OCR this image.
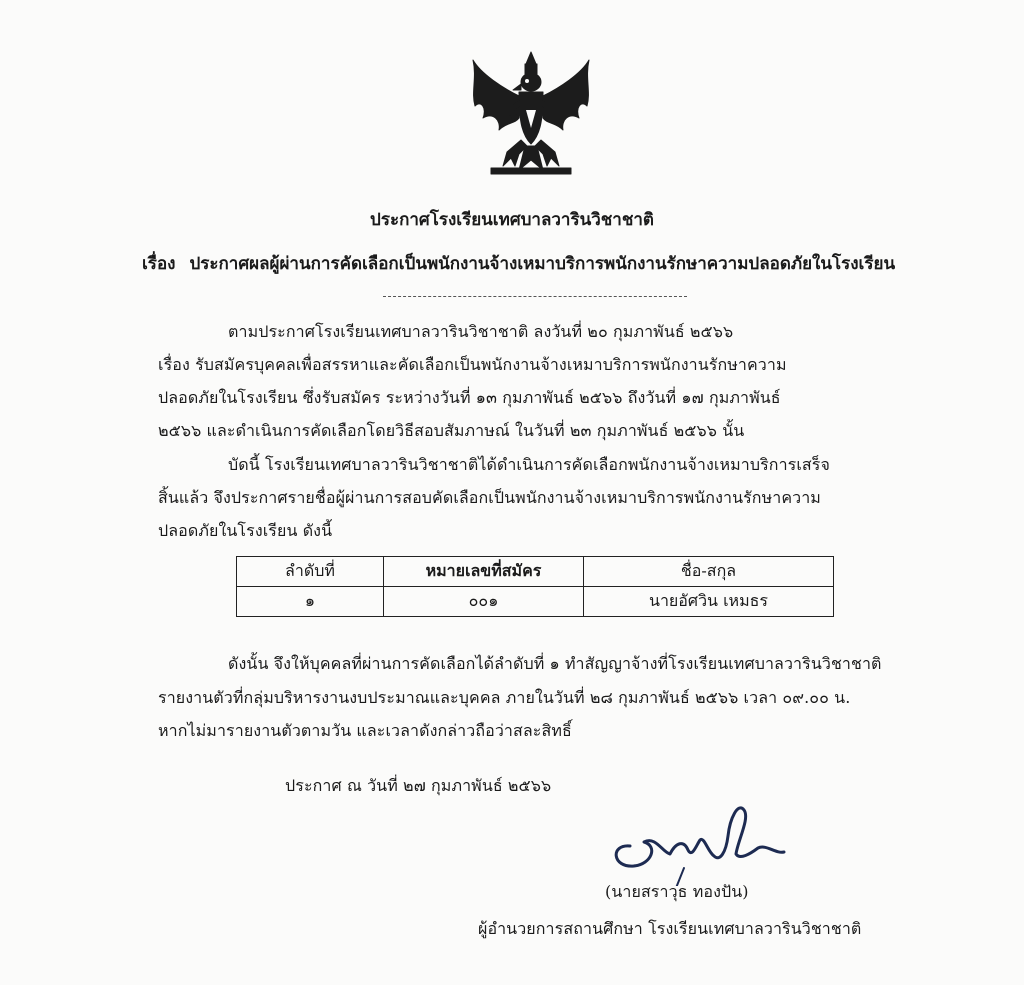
ประกาศโรงเรียนเทศบาลวารินวิชาชาติ
เรื่อง ประกาศผลผู้ผ่านการคัดเลือกเป็นพนักงานจ้างเหมาบริการพนักงานรักษาความปลอดภัยในโรงเรียน
ตามประกาศโรงเรียนเทศบาลวารินวิชาชาติ ลงวันที่ ๒๐ กุมภาพันธ์ ๒๕๖๖
เรื่อง รับสมัครบุคคลเพื่อสรรหาและคัดเลือกเป็นพนักงานจ้างเหมาบริการพนักงานรักษาความ
ปลอดภัยในโรงเรียน ซึ่งรับสมัคร ระหว่างวันที่ ๑๓ กุมภาพันธ์ ๒๕๖๖ ถึงวันที่ ๑๗ กุมภาพันธ์
๒๕๖๖ และดำเนินการคัดเลือกโดยวิธีสอบสัมภาษณ์ ในวันที่ ๒๓ กุมภาพันธ์ ๒๕๖๖ นั้น
บัดนี้ โรงเรียนเทศบาลวารินวิชาชาติได้ดำเนินการคัดเลือกพนักงานจ้างเหมาบริการเสร็จ
สิ้นแล้ว จึงประกาศรายชื่อผู้ผ่านการสอบคัดเลือกเป็นพนักงานจ้างเหมาบริการพนักงานรักษาความ
ปลอดภัยในโรงเรียน ดังนี้
ลำดับที่	หมายเลขที่สมัคร	ชื่อ-สกุล
๑	๐๐๑	นายอัศวิน เหมธร
ดังนั้น จึงให้บุคคลที่ผ่านการคัดเลือกได้ลำดับที่ ๑ ทำสัญญาจ้างที่โรงเรียนเทศบาลวารินวิชาชาติ
รายงานตัวที่กลุ่มบริหารงานงบประมาณและบุคคล ภายในวันที่ ๒๘ กุมภาพันธ์ ๒๕๖๖ เวลา ๐๙.๐๐ น.
หากไม่มารายงานตัวตามวัน และเวลาดังกล่าวถือว่าสละสิทธิ์
ประกาศ ณ วันที่ ๒๗ กุมภาพันธ์ ๒๕๖๖
(นายสราวุธ ทองปัน)
ผู้อำนวยการสถานศึกษา โรงเรียนเทศบาลวารินวิชาชาติ
